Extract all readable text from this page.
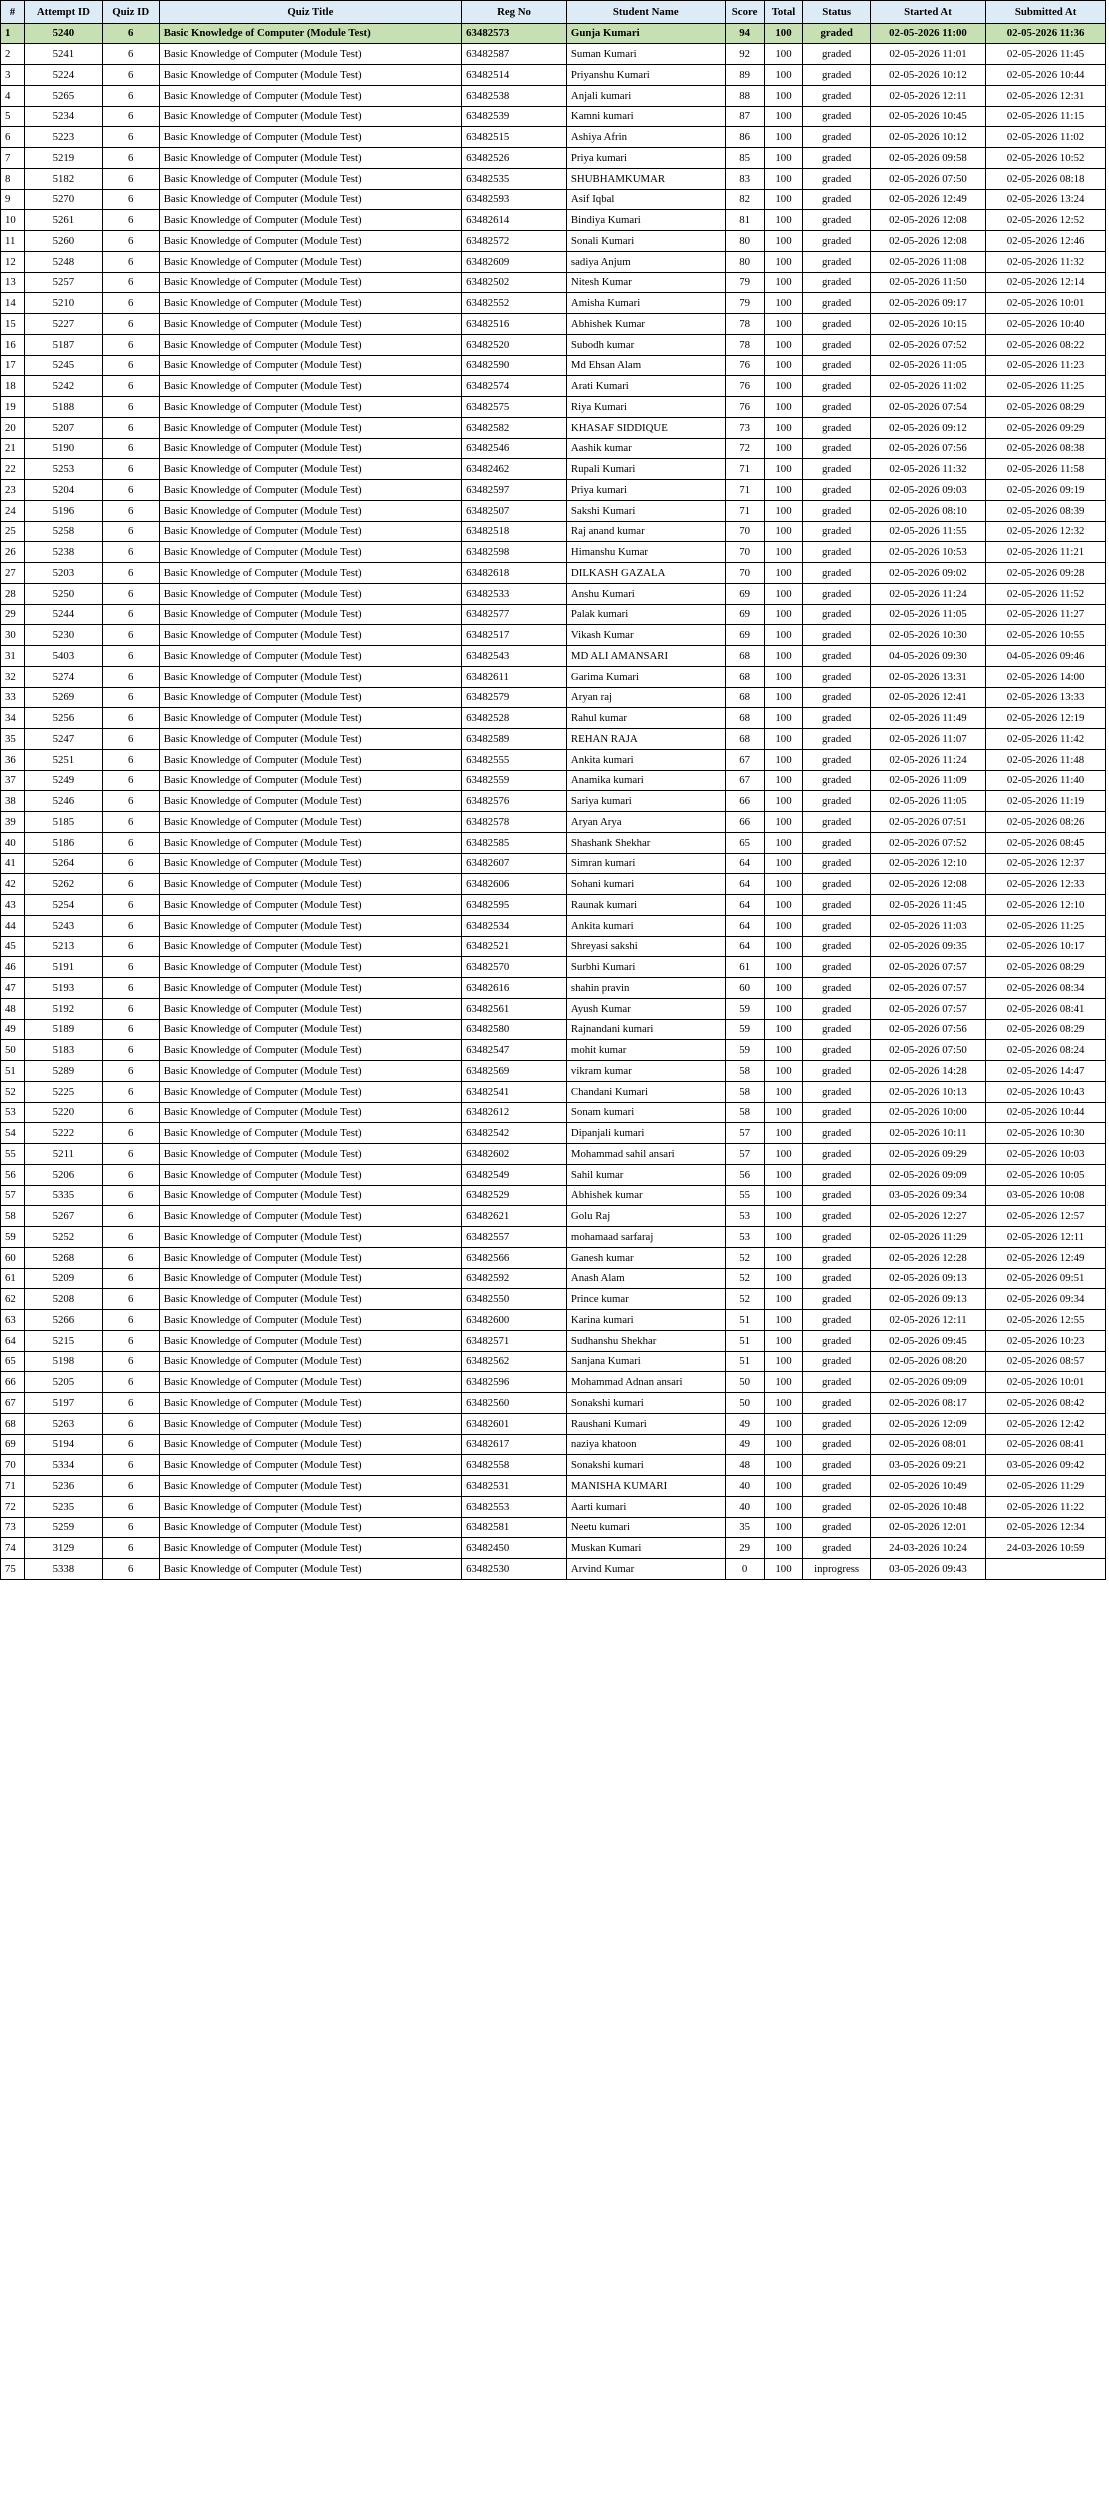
#	Attempt ID	Quiz ID	Quiz Title	Reg No	Student Name	Score	Total	Status	Started At	Submitted At
1	5240	6	Basic Knowledge of Computer (Module Test)	63482573	Gunja Kumari	94	100	graded	02-05-2026 11:00	02-05-2026 11:36
2	5241	6	Basic Knowledge of Computer (Module Test)	63482587	Suman Kumari	92	100	graded	02-05-2026 11:01	02-05-2026 11:45
3	5224	6	Basic Knowledge of Computer (Module Test)	63482514	Priyanshu Kumari	89	100	graded	02-05-2026 10:12	02-05-2026 10:44
4	5265	6	Basic Knowledge of Computer (Module Test)	63482538	Anjali kumari	88	100	graded	02-05-2026 12:11	02-05-2026 12:31
5	5234	6	Basic Knowledge of Computer (Module Test)	63482539	Kamni kumari	87	100	graded	02-05-2026 10:45	02-05-2026 11:15
6	5223	6	Basic Knowledge of Computer (Module Test)	63482515	Ashiya Afrin	86	100	graded	02-05-2026 10:12	02-05-2026 11:02
7	5219	6	Basic Knowledge of Computer (Module Test)	63482526	Priya kumari	85	100	graded	02-05-2026 09:58	02-05-2026 10:52
8	5182	6	Basic Knowledge of Computer (Module Test)	63482535	SHUBHAMKUMAR	83	100	graded	02-05-2026 07:50	02-05-2026 08:18
9	5270	6	Basic Knowledge of Computer (Module Test)	63482593	Asif Iqbal	82	100	graded	02-05-2026 12:49	02-05-2026 13:24
10	5261	6	Basic Knowledge of Computer (Module Test)	63482614	Bindiya Kumari	81	100	graded	02-05-2026 12:08	02-05-2026 12:52
11	5260	6	Basic Knowledge of Computer (Module Test)	63482572	Sonali Kumari	80	100	graded	02-05-2026 12:08	02-05-2026 12:46
12	5248	6	Basic Knowledge of Computer (Module Test)	63482609	sadiya Anjum	80	100	graded	02-05-2026 11:08	02-05-2026 11:32
13	5257	6	Basic Knowledge of Computer (Module Test)	63482502	Nitesh Kumar	79	100	graded	02-05-2026 11:50	02-05-2026 12:14
14	5210	6	Basic Knowledge of Computer (Module Test)	63482552	Amisha Kumari	79	100	graded	02-05-2026 09:17	02-05-2026 10:01
15	5227	6	Basic Knowledge of Computer (Module Test)	63482516	Abhishek Kumar	78	100	graded	02-05-2026 10:15	02-05-2026 10:40
16	5187	6	Basic Knowledge of Computer (Module Test)	63482520	Subodh kumar	78	100	graded	02-05-2026 07:52	02-05-2026 08:22
17	5245	6	Basic Knowledge of Computer (Module Test)	63482590	Md Ehsan Alam	76	100	graded	02-05-2026 11:05	02-05-2026 11:23
18	5242	6	Basic Knowledge of Computer (Module Test)	63482574	Arati Kumari	76	100	graded	02-05-2026 11:02	02-05-2026 11:25
19	5188	6	Basic Knowledge of Computer (Module Test)	63482575	Riya Kumari	76	100	graded	02-05-2026 07:54	02-05-2026 08:29
20	5207	6	Basic Knowledge of Computer (Module Test)	63482582	KHASAF SIDDIQUE	73	100	graded	02-05-2026 09:12	02-05-2026 09:29
21	5190	6	Basic Knowledge of Computer (Module Test)	63482546	Aashik kumar	72	100	graded	02-05-2026 07:56	02-05-2026 08:38
22	5253	6	Basic Knowledge of Computer (Module Test)	63482462	Rupali Kumari	71	100	graded	02-05-2026 11:32	02-05-2026 11:58
23	5204	6	Basic Knowledge of Computer (Module Test)	63482597	Priya kumari	71	100	graded	02-05-2026 09:03	02-05-2026 09:19
24	5196	6	Basic Knowledge of Computer (Module Test)	63482507	Sakshi Kumari	71	100	graded	02-05-2026 08:10	02-05-2026 08:39
25	5258	6	Basic Knowledge of Computer (Module Test)	63482518	Raj anand kumar	70	100	graded	02-05-2026 11:55	02-05-2026 12:32
26	5238	6	Basic Knowledge of Computer (Module Test)	63482598	Himanshu Kumar	70	100	graded	02-05-2026 10:53	02-05-2026 11:21
27	5203	6	Basic Knowledge of Computer (Module Test)	63482618	DILKASH GAZALA	70	100	graded	02-05-2026 09:02	02-05-2026 09:28
28	5250	6	Basic Knowledge of Computer (Module Test)	63482533	Anshu Kumari	69	100	graded	02-05-2026 11:24	02-05-2026 11:52
29	5244	6	Basic Knowledge of Computer (Module Test)	63482577	Palak kumari	69	100	graded	02-05-2026 11:05	02-05-2026 11:27
30	5230	6	Basic Knowledge of Computer (Module Test)	63482517	Vikash Kumar	69	100	graded	02-05-2026 10:30	02-05-2026 10:55
31	5403	6	Basic Knowledge of Computer (Module Test)	63482543	MD ALI AMANSARI	68	100	graded	04-05-2026 09:30	04-05-2026 09:46
32	5274	6	Basic Knowledge of Computer (Module Test)	63482611	Garima Kumari	68	100	graded	02-05-2026 13:31	02-05-2026 14:00
33	5269	6	Basic Knowledge of Computer (Module Test)	63482579	Aryan raj	68	100	graded	02-05-2026 12:41	02-05-2026 13:33
34	5256	6	Basic Knowledge of Computer (Module Test)	63482528	Rahul kumar	68	100	graded	02-05-2026 11:49	02-05-2026 12:19
35	5247	6	Basic Knowledge of Computer (Module Test)	63482589	REHAN RAJA	68	100	graded	02-05-2026 11:07	02-05-2026 11:42
36	5251	6	Basic Knowledge of Computer (Module Test)	63482555	Ankita kumari	67	100	graded	02-05-2026 11:24	02-05-2026 11:48
37	5249	6	Basic Knowledge of Computer (Module Test)	63482559	Anamika kumari	67	100	graded	02-05-2026 11:09	02-05-2026 11:40
38	5246	6	Basic Knowledge of Computer (Module Test)	63482576	Sariya kumari	66	100	graded	02-05-2026 11:05	02-05-2026 11:19
39	5185	6	Basic Knowledge of Computer (Module Test)	63482578	Aryan Arya	66	100	graded	02-05-2026 07:51	02-05-2026 08:26
40	5186	6	Basic Knowledge of Computer (Module Test)	63482585	Shashank Shekhar	65	100	graded	02-05-2026 07:52	02-05-2026 08:45
41	5264	6	Basic Knowledge of Computer (Module Test)	63482607	Simran kumari	64	100	graded	02-05-2026 12:10	02-05-2026 12:37
42	5262	6	Basic Knowledge of Computer (Module Test)	63482606	Sohani kumari	64	100	graded	02-05-2026 12:08	02-05-2026 12:33
43	5254	6	Basic Knowledge of Computer (Module Test)	63482595	Raunak kumari	64	100	graded	02-05-2026 11:45	02-05-2026 12:10
44	5243	6	Basic Knowledge of Computer (Module Test)	63482534	Ankita kumari	64	100	graded	02-05-2026 11:03	02-05-2026 11:25
45	5213	6	Basic Knowledge of Computer (Module Test)	63482521	Shreyasi sakshi	64	100	graded	02-05-2026 09:35	02-05-2026 10:17
46	5191	6	Basic Knowledge of Computer (Module Test)	63482570	Surbhi Kumari	61	100	graded	02-05-2026 07:57	02-05-2026 08:29
47	5193	6	Basic Knowledge of Computer (Module Test)	63482616	shahin pravin	60	100	graded	02-05-2026 07:57	02-05-2026 08:34
48	5192	6	Basic Knowledge of Computer (Module Test)	63482561	Ayush Kumar	59	100	graded	02-05-2026 07:57	02-05-2026 08:41
49	5189	6	Basic Knowledge of Computer (Module Test)	63482580	Rajnandani kumari	59	100	graded	02-05-2026 07:56	02-05-2026 08:29
50	5183	6	Basic Knowledge of Computer (Module Test)	63482547	mohit kumar	59	100	graded	02-05-2026 07:50	02-05-2026 08:24
51	5289	6	Basic Knowledge of Computer (Module Test)	63482569	vikram kumar	58	100	graded	02-05-2026 14:28	02-05-2026 14:47
52	5225	6	Basic Knowledge of Computer (Module Test)	63482541	Chandani Kumari	58	100	graded	02-05-2026 10:13	02-05-2026 10:43
53	5220	6	Basic Knowledge of Computer (Module Test)	63482612	Sonam kumari	58	100	graded	02-05-2026 10:00	02-05-2026 10:44
54	5222	6	Basic Knowledge of Computer (Module Test)	63482542	Dipanjali kumari	57	100	graded	02-05-2026 10:11	02-05-2026 10:30
55	5211	6	Basic Knowledge of Computer (Module Test)	63482602	Mohammad sahil ansari	57	100	graded	02-05-2026 09:29	02-05-2026 10:03
56	5206	6	Basic Knowledge of Computer (Module Test)	63482549	Sahil kumar	56	100	graded	02-05-2026 09:09	02-05-2026 10:05
57	5335	6	Basic Knowledge of Computer (Module Test)	63482529	Abhishek kumar	55	100	graded	03-05-2026 09:34	03-05-2026 10:08
58	5267	6	Basic Knowledge of Computer (Module Test)	63482621	Golu Raj	53	100	graded	02-05-2026 12:27	02-05-2026 12:57
59	5252	6	Basic Knowledge of Computer (Module Test)	63482557	mohamaad sarfaraj	53	100	graded	02-05-2026 11:29	02-05-2026 12:11
60	5268	6	Basic Knowledge of Computer (Module Test)	63482566	Ganesh kumar	52	100	graded	02-05-2026 12:28	02-05-2026 12:49
61	5209	6	Basic Knowledge of Computer (Module Test)	63482592	Anash Alam	52	100	graded	02-05-2026 09:13	02-05-2026 09:51
62	5208	6	Basic Knowledge of Computer (Module Test)	63482550	Prince kumar	52	100	graded	02-05-2026 09:13	02-05-2026 09:34
63	5266	6	Basic Knowledge of Computer (Module Test)	63482600	Karina kumari	51	100	graded	02-05-2026 12:11	02-05-2026 12:55
64	5215	6	Basic Knowledge of Computer (Module Test)	63482571	Sudhanshu Shekhar	51	100	graded	02-05-2026 09:45	02-05-2026 10:23
65	5198	6	Basic Knowledge of Computer (Module Test)	63482562	Sanjana Kumari	51	100	graded	02-05-2026 08:20	02-05-2026 08:57
66	5205	6	Basic Knowledge of Computer (Module Test)	63482596	Mohammad Adnan ansari	50	100	graded	02-05-2026 09:09	02-05-2026 10:01
67	5197	6	Basic Knowledge of Computer (Module Test)	63482560	Sonakshi kumari	50	100	graded	02-05-2026 08:17	02-05-2026 08:42
68	5263	6	Basic Knowledge of Computer (Module Test)	63482601	Raushani Kumari	49	100	graded	02-05-2026 12:09	02-05-2026 12:42
69	5194	6	Basic Knowledge of Computer (Module Test)	63482617	naziya khatoon	49	100	graded	02-05-2026 08:01	02-05-2026 08:41
70	5334	6	Basic Knowledge of Computer (Module Test)	63482558	Sonakshi kumari	48	100	graded	03-05-2026 09:21	03-05-2026 09:42
71	5236	6	Basic Knowledge of Computer (Module Test)	63482531	MANISHA KUMARI	40	100	graded	02-05-2026 10:49	02-05-2026 11:29
72	5235	6	Basic Knowledge of Computer (Module Test)	63482553	Aarti kumari	40	100	graded	02-05-2026 10:48	02-05-2026 11:22
73	5259	6	Basic Knowledge of Computer (Module Test)	63482581	Neetu kumari	35	100	graded	02-05-2026 12:01	02-05-2026 12:34
74	3129	6	Basic Knowledge of Computer (Module Test)	63482450	Muskan Kumari	29	100	graded	24-03-2026 10:24	24-03-2026 10:59
75	5338	6	Basic Knowledge of Computer (Module Test)	63482530	Arvind Kumar	0	100	inprogress	03-05-2026 09:43	
